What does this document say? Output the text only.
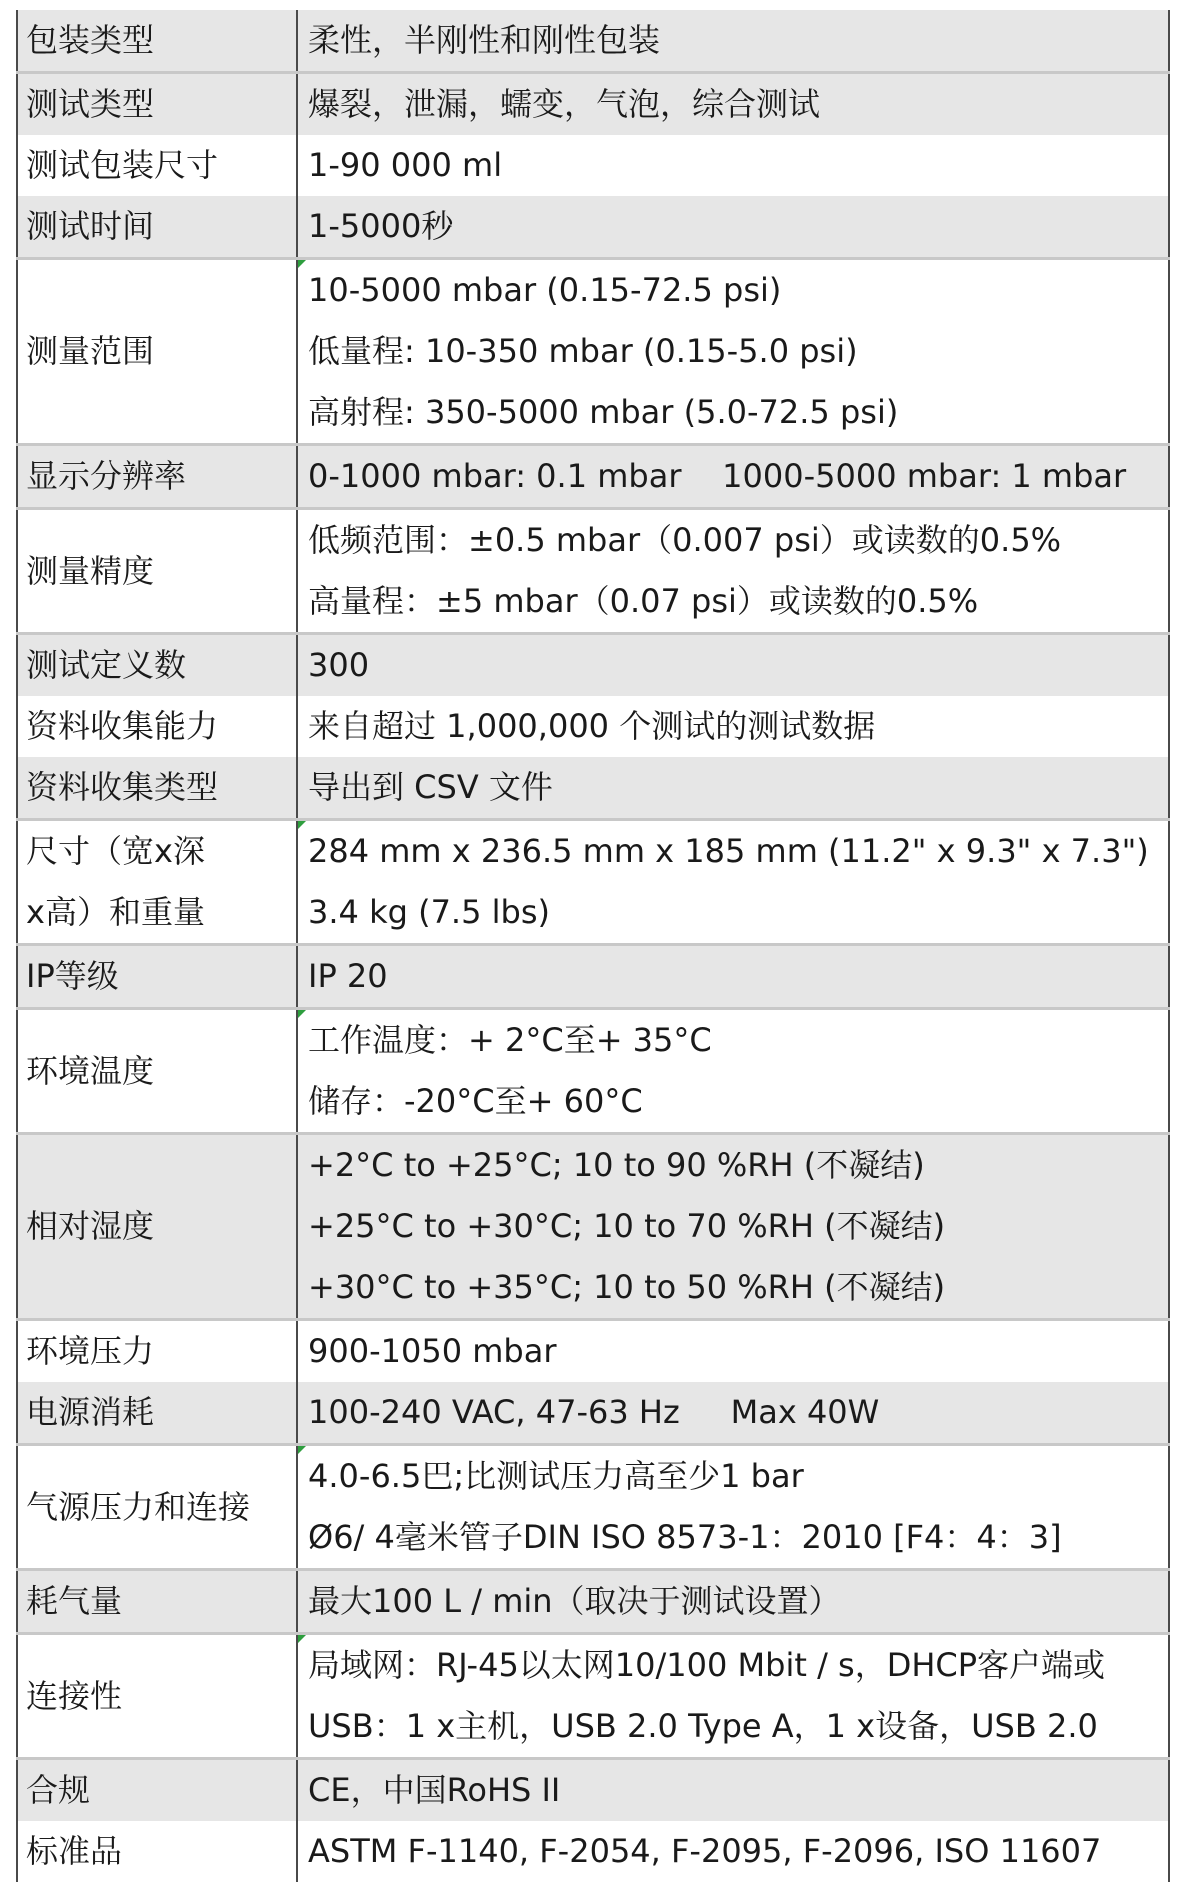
包装类型	柔性，半刚性和刚性包装

测试类型	爆裂，泄漏，蠕变，气泡，综合测试

测试包装尺寸	1-90 000 ml

测试时间	1-5000秒

测量范围	10-5000 mbar (0.15-72.5 psi)
低量程: 10-350 mbar (0.15-5.0 psi)
高射程: 350-5000 mbar (5.0-72.5 psi)

显示分辨率	0-1000 mbar: 0.1 mbar    1000-5000 mbar: 1 mbar

测量精度	低频范围：±0.5 mbar（0.007 psi）或读数的0.5%
高量程：±5 mbar（0.07 psi）或读数的0.5%

测试定义数	300

资料收集能力	来自超过 1,000,000 个测试的测试数据

资料收集类型	导出到 CSV 文件

尺寸（宽x深
x高）和重量	284 mm x 236.5 mm x 185 mm (11.2" x 9.3" x 7.3")
3.4 kg (7.5 lbs)

IP等级	IP 20

环境温度	工作温度：+ 2°C至+ 35°C
储存：-20°C至+ 60°C

相对湿度	+2°C to +25°C; 10 to 90 %RH (不凝结)
+25°C to +30°C; 10 to 70 %RH (不凝结)
+30°C to +35°C; 10 to 50 %RH (不凝结)

环境压力	900-1050 mbar

电源消耗	100-240 VAC, 47-63 Hz     Max 40W

气源压力和连接	4.0-6.5巴;比测试压力高至少1 bar
Ø6/ 4毫米管子DIN ISO 8573-1：2010 [F4：4：3]

耗气量	最大100 L / min（取决于测试设置）

连接性	局域网：RJ-45以太网10/100 Mbit / s，DHCP客户端或
USB：1 x主机，USB 2.0 Type A，1 x设备，USB 2.0

合规	CE，中国RoHS II

标准品	ASTM F-1140, F-2054, F-2095, F-2096, ISO 11607
